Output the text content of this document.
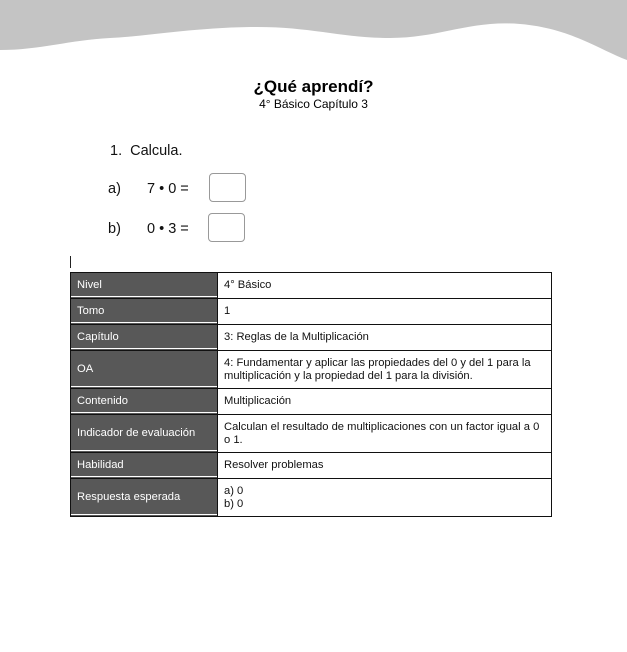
¿Qué aprendí?
4° Básico Capítulo 3
1. Calcula.
a)	7 • 0 =
b)	0 • 3 =
Nivel	4° Básico
Tomo	1
Capítulo	3: Reglas de la Multiplicación
OA	4: Fundamentar y aplicar las propiedades del 0 y del 1 para la multiplicación y la propiedad del 1 para la división.
Contenido	Multiplicación
Indicador de evaluación	Calculan el resultado de multiplicaciones con un factor igual a 0 o 1.
Habilidad	Resolver problemas
Respuesta esperada	a) 0
b) 0
